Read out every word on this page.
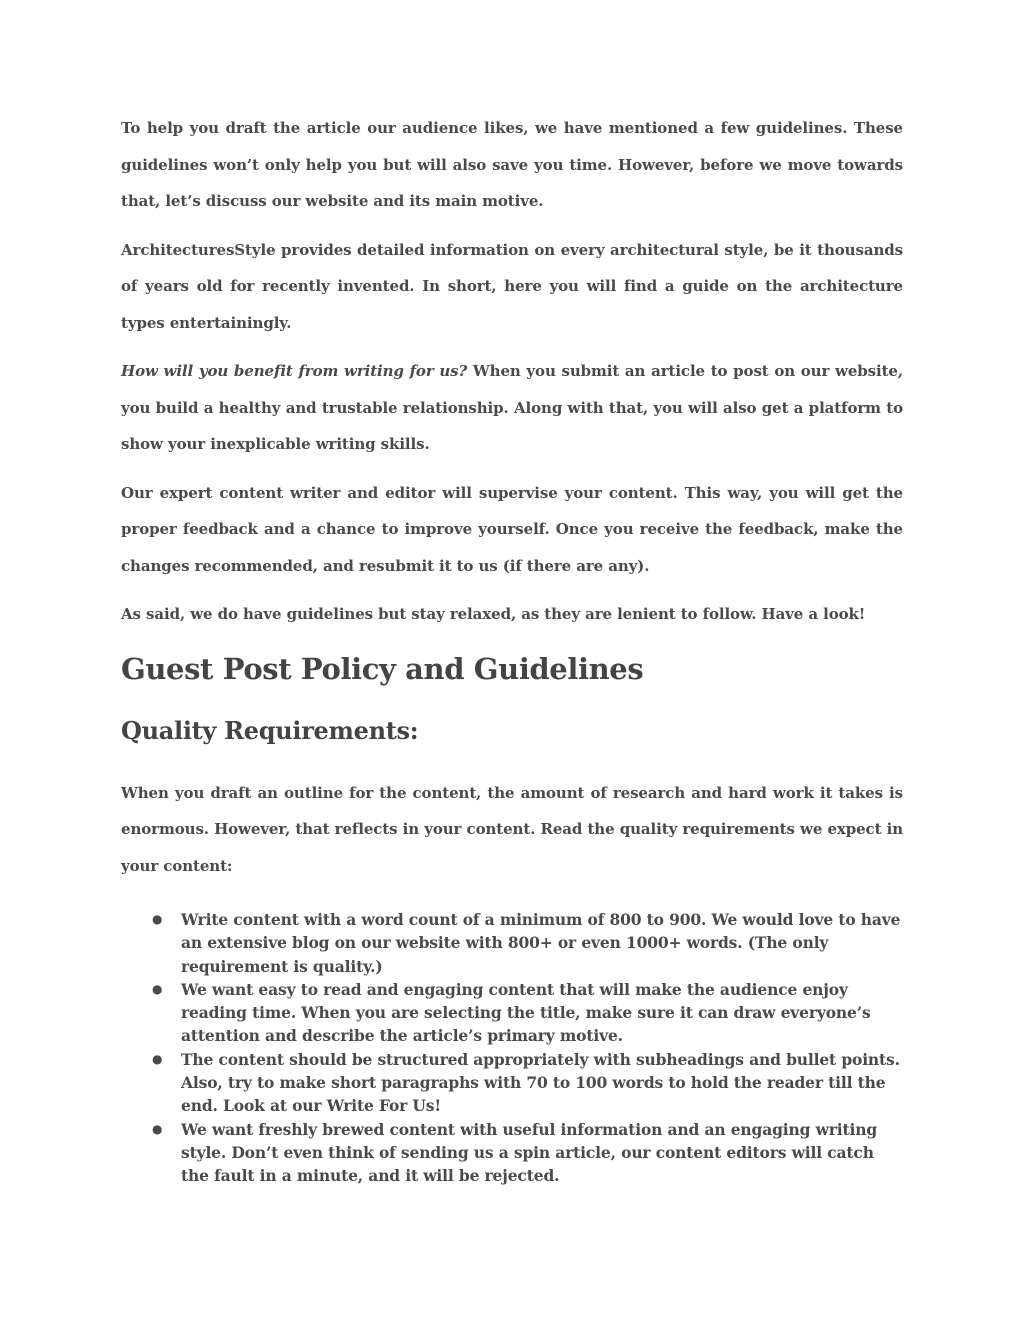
To help you draft the article our audience likes, we have mentioned a few guidelines. These guidelines won’t only help you but will also save you time. However, before we move towards that, let’s discuss our website and its main motive.

ArchitecturesStyle provides detailed information on every architectural style, be it thousands of years old for recently invented. In short, here you will find a guide on the architecture types entertainingly.

How will you benefit from writing for us? When you submit an article to post on our website, you build a healthy and trustable relationship. Along with that, you will also get a platform to show your inexplicable writing skills.

Our expert content writer and editor will supervise your content. This way, you will get the proper feedback and a chance to improve yourself. Once you receive the feedback, make the changes recommended, and resubmit it to us (if there are any).

As said, we do have guidelines but stay relaxed, as they are lenient to follow. Have a look!

Guest Post Policy and Guidelines
Quality Requirements:

When you draft an outline for the content, the amount of research and hard work it takes is enormous. However, that reflects in your content. Read the quality requirements we expect in your content:

● Write content with a word count of a minimum of 800 to 900. We would love to have an extensive blog on our website with 800+ or even 1000+ words. (The only requirement is quality.)
● We want easy to read and engaging content that will make the audience enjoy reading time. When you are selecting the title, make sure it can draw everyone’s attention and describe the article’s primary motive.
● The content should be structured appropriately with subheadings and bullet points. Also, try to make short paragraphs with 70 to 100 words to hold the reader till the end. Look at our Write For Us!
● We want freshly brewed content with useful information and an engaging writing style. Don’t even think of sending us a spin article, our content editors will catch the fault in a minute, and it will be rejected.
